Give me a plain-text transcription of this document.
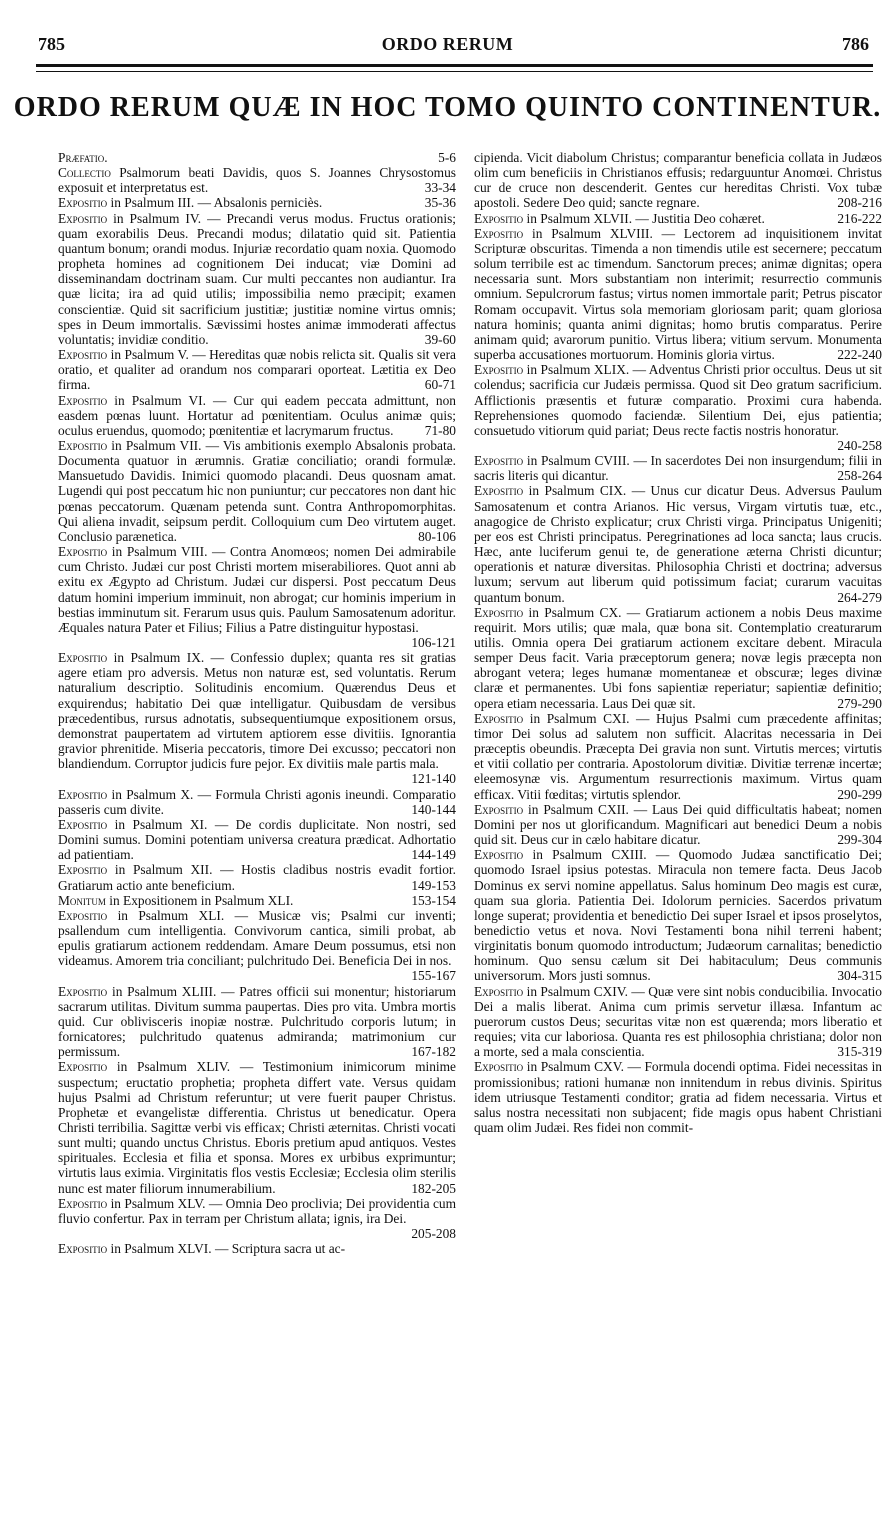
785	ORDO RERUM	786
ORDO RERUM QUÆ IN HOC TOMO QUINTO CONTINENTUR.
Præfatio.	5-6
Collectio Psalmorum beati Davidis, quos S. Joannes Chrysostomus exposuit et interpretatus est.	33-34
Expositio in Psalmum III. — Absalonis perniciès.	35-36
Expositio in Psalmum IV. — Precandi verus modus. Fructus orationis; quam exorabilis Deus. Precandi modus; dilatatio quid sit. Patientia quantum bonum; orandi modus. Injuriæ recordatio quam noxia. Quomodo propheta homines ad cognitionem Dei inducat; viæ Domini ad disseminandam doctrinam suam. Cur multi peccantes non audiantur. Ira quæ licita; ira ad quid utilis; impossibilia nemo præcipit; examen conscientiæ. Quid sit sacrificium justitiæ; justitiæ nomine virtus omnis; spes in Deum immortalis. Sævissimi hostes animæ immoderati affectus voluntatis; invidiæ conditio.	39-60
Expositio in Psalmum V. — Hereditas quæ nobis relicta sit. Qualis sit vera oratio, et qualiter ad orandum nos comparari oporteat. Lætitia ex Deo firma.	60-71
Expositio in Psalmum VI. — Cur qui eadem peccata admittunt, non easdem pœnas luunt. Hortatur ad pœnitentiam. Oculus animæ quis; oculus eruendus, quomodo; pœnitentiæ et lacrymarum fructus.	71-80
Expositio in Psalmum VII. — Vis ambitionis exemplo Absalonis probata. Documenta quatuor in ærumnis. Gratiæ conciliatio; orandi formulæ. Mansuetudo Davidis. Inimici quomodo placandi. Deus quosnam amat. Lugendi qui post peccatum hic non puniuntur; cur peccatores non dant hic pœnas peccatorum. Quænam petenda sunt. Contra Anthropomorphitas. Qui aliena invadit, seipsum perdit. Colloquium cum Deo virtutem auget. Conclusio parænetica.	80-106
Expositio in Psalmum VIII. — Contra Anomœos; nomen Dei admirabile cum Christo. Judæi cur post Christi mortem miserabiliores. Quot anni ab exitu ex Ægypto ad Christum. Judæi cur dispersi. Post peccatum Deus datum homini imperium imminuit, non abrogat; cur hominis imperium in bestias imminutum sit. Ferarum usus quis. Paulum Samosatenum adoritur. Æquales natura Pater et Filius; Filius a Patre distinguitur hypostasi.
106-121
Expositio in Psalmum IX. — Confessio duplex; quanta res sit gratias agere etiam pro adversis. Metus non naturæ est, sed voluntatis. Rerum naturalium descriptio. Solitudinis encomium. Quærendus Deus et exquirendus; habitatio Dei quæ intelligatur. Quibusdam de versibus præcedentibus, rursus adnotatis, subsequentiumque expositionem orsus, demonstrat paupertatem ad virtutem aptiorem esse divitiis. Ignorantia gravior phrenitide. Miseria peccatoris, timore Dei excusso; peccatori non blandiendum. Corruptor judicis fure pejor. Ex divitiis male partis mala.
121-140
Expositio in Psalmum X. — Formula Christi agonis ineundi. Comparatio passeris cum divite.	140-144
Expositio in Psalmum XI. — De cordis duplicitate. Non nostri, sed Domini sumus. Domini potentiam universa creatura prædicat. Adhortatio ad patientiam.	144-149
Expositio in Psalmum XII. — Hostis cladibus nostris evadit fortior. Gratiarum actio ante beneficium.	149-153
Monitum in Expositionem in Psalmum XLI.	153-154
Expositio in Psalmum XLI. — Musicæ vis; Psalmi cur inventi; psallendum cum intelligentia. Convivorum cantica, simili probat, ab epulis gratiarum actionem reddendam. Amare Deum possumus, etsi non videamus. Amorem tria conciliant; pulchritudo Dei. Beneficia Dei in nos.
155-167
Expositio in Psalmum XLIII. — Patres officii sui monentur; historiarum sacrarum utilitas. Divitum summa paupertas. Dies pro vita. Umbra mortis quid. Cur oblivisceris inopiæ nostræ. Pulchritudo corporis lutum; in fornicatores; pulchritudo quatenus admiranda; matrimonium cur permissum.	167-182
Expositio in Psalmum XLIV. — Testimonium inimicorum minime suspectum; eructatio prophetia; propheta differt vate. Versus quidam hujus Psalmi ad Christum referuntur; ut vere fuerit pauper Christus. Prophetæ et evangelistæ differentia. Christus ut benedicatur. Opera Christi terribilia. Sagittæ verbi vis efficax; Christi æternitas. Christi vocati sunt multi; quando unctus Christus. Eboris pretium apud antiquos. Vestes spirituales. Ecclesia et filia et sponsa. Mores ex urbibus exprimuntur; virtutis laus eximia. Virginitatis flos vestis Ecclesiæ; Ecclesia olim sterilis nunc est mater filiorum innumerabilium.	182-205
Expositio in Psalmum XLV. — Omnia Deo proclivia; Dei providentia cum fluvio confertur. Pax in terram per Christum allata; ignis, ira Dei.
205-208
Expositio in Psalmum XLVI. — Scriptura sacra ut ac-
cipienda. Vicit diabolum Christus; comparantur beneficia collata in Judæos olim cum beneficiis in Christianos effusis; redarguuntur Anomœi. Christus cur de cruce non descenderit. Gentes cur hereditas Christi. Vox tubæ apostoli. Sedere Deo quid; sancte regnare.	208-216
Expositio in Psalmum XLVII. — Justitia Deo cohæret.	216-222
Expositio in Psalmum XLVIII. — Lectorem ad inquisitionem invitat Scripturæ obscuritas. Timenda a non timendis utile est secernere; peccatum solum terribile est ac timendum. Sanctorum preces; animæ dignitas; opera necessaria sunt. Mors substantiam non interimit; resurrectio communis omnium. Sepulcrorum fastus; virtus nomen immortale parit; Petrus piscator Romam occupavit. Virtus sola memoriam gloriosam parit; quam gloriosa natura hominis; quanta animi dignitas; homo brutis comparatus. Perire animam quid; avarorum punitio. Virtus libera; vitium servum. Monumenta superba accusationes mortuorum. Hominis gloria virtus.	222-240
Expositio in Psalmum XLIX. — Adventus Christi prior occultus. Deus ut sit colendus; sacrificia cur Judæis permissa. Quod sit Deo gratum sacrificium. Afflictionis præsentis et futuræ comparatio. Proximi cura habenda. Reprehensiones quomodo faciendæ. Silentium Dei, ejus patientia; consuetudo vitiorum quid pariat; Deus recte factis nostris honoratur.
240-258
Expositio in Psalmum CVIII. — In sacerdotes Dei non insurgendum; filii in sacris literis qui dicantur.	258-264
Expositio in Psalmum CIX. — Unus cur dicatur Deus. Adversus Paulum Samosatenum et contra Arianos. Hic versus, Virgam virtutis tuæ, etc., anagogice de Christo explicatur; crux Christi virga. Principatus Unigeniti; per eos est Christi principatus. Peregrinationes ad loca sancta; laus crucis. Hæc, ante luciferum genui te, de generatione æterna Christi dicuntur; operationis et naturæ diversitas. Philosophia Christi et doctrina; adversus luxum; servum aut liberum quid potissimum faciat; curarum vacuitas quantum bonum.	264-279
Expositio in Psalmum CX. — Gratiarum actionem a nobis Deus maxime requirit. Mors utilis; quæ mala, quæ bona sit. Contemplatio creaturarum utilis. Omnia opera Dei gratiarum actionem excitare debent. Miracula semper Deus facit. Varia præceptorum genera; novæ legis præcepta non abrogant vetera; leges humanæ momentaneæ et obscuræ; leges divinæ claræ et permanentes. Ubi fons sapientiæ reperiatur; sapientiæ definitio; opera etiam necessaria. Laus Dei quæ sit.	279-290
Expositio in Psalmum CXI. — Hujus Psalmi cum præcedente affinitas; timor Dei solus ad salutem non sufficit. Alacritas necessaria in Dei præceptis obeundis. Præcepta Dei gravia non sunt. Virtutis merces; virtutis et vitii collatio per contraria. Apostolorum divitiæ. Divitiæ terrenæ incertæ; eleemosynæ vis. Argumentum resurrectionis maximum. Virtus quam efficax. Vitii fœditas; virtutis splendor.	290-299
Expositio in Psalmum CXII. — Laus Dei quid difficultatis habeat; nomen Domini per nos ut glorificandum. Magnificari aut benedici Deum a nobis quid sit. Deus cur in cælo habitare dicatur.	299-304
Expositio in Psalmum CXIII. — Quomodo Judæa sanctificatio Dei; quomodo Israel ipsius potestas. Miracula non temere facta. Deus Jacob Dominus ex servi nomine appellatus. Salus hominum Deo magis est curæ, quam sua gloria. Patientia Dei. Idolorum pernicies. Sacerdos privatum longe superat; providentia et benedictio Dei super Israel et ipsos proselytos, benedictio vetus et nova. Novi Testamenti bona nihil terreni habent; virginitatis bonum quomodo introductum; Judæorum carnalitas; benedictio hominum. Quo sensu cælum sit Dei habitaculum; Deus communis universorum. Mors justi somnus.	304-315
Expositio in Psalmum CXIV. — Quæ vere sint nobis conducibilia. Invocatio Dei a malis liberat. Anima cum primis servetur illæsa. Infantum ac puerorum custos Deus; securitas vitæ non est quærenda; mors liberatio et requies; vita cur laboriosa. Quanta res est philosophia christiana; dolor non a morte, sed a mala conscientia.	315-319
Expositio in Psalmum CXV. — Formula docendi optima. Fidei necessitas in promissionibus; rationi humanæ non innitendum in rebus divinis. Spiritus idem utriusque Testamenti conditor; gratia ad fidem necessaria. Virtus et salus nostra necessitati non subjacent; fide magis opus habent Christiani quam olim Judæi. Res fidei non commit-
